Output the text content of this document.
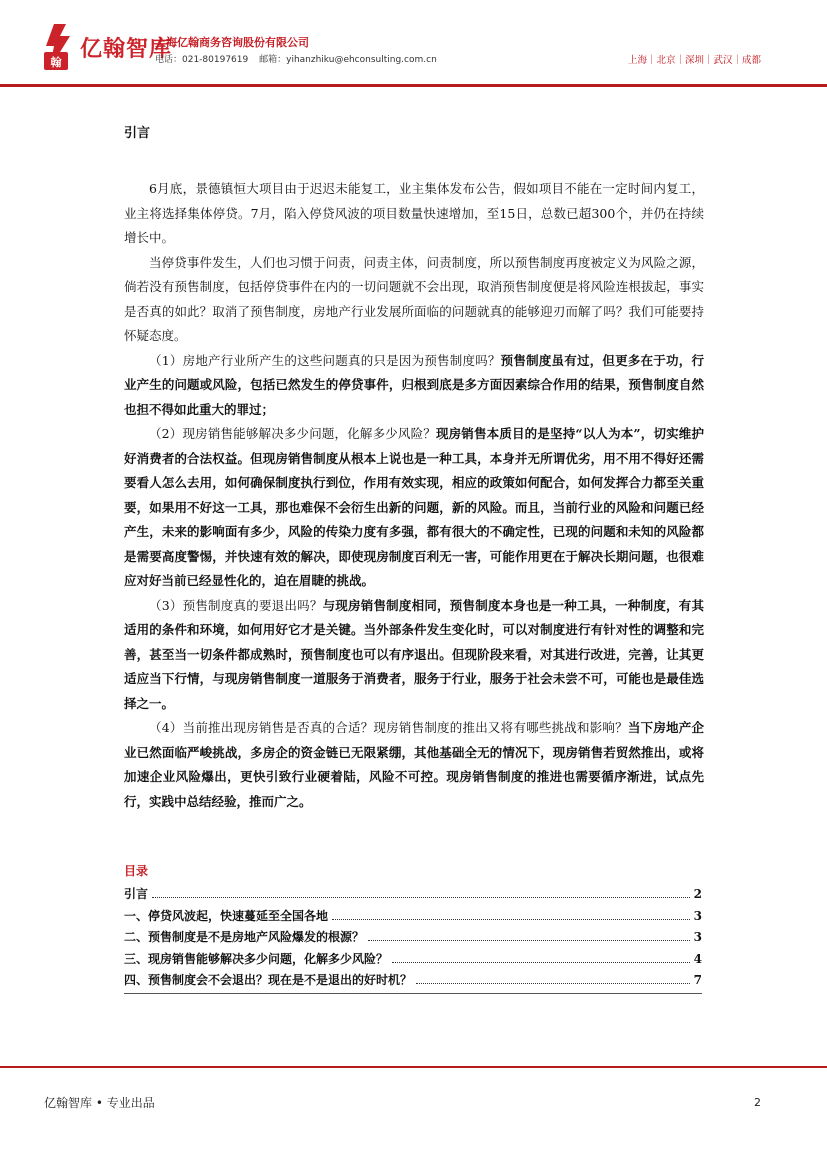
翰
亿翰智库
上海亿翰商务咨询股份有限公司
电话：021-80197619 邮箱：yihanzhiku@ehconsulting.com.cn	上海｜北京｜深圳｜武汉｜成都
引言

6月底，景德镇恒大项目由于迟迟未能复工，业主集体发布公告，假如项目不能在一定时间内复工，业主将选择集体停贷。7月，陷入停贷风波的项目数量快速增加，至15日，总数已超300个，并仍在持续增长中。

当停贷事件发生，人们也习惯于问责，问责主体，问责制度，所以预售制度再度被定义为风险之源，倘若没有预售制度，包括停贷事件在内的一切问题就不会出现，取消预售制度便是将风险连根拔起，事实是否真的如此？取消了预售制度，房地产行业发展所面临的问题就真的能够迎刃而解了吗？我们可能要持怀疑态度。

（1）房地产行业所产生的这些问题真的只是因为预售制度吗？预售制度虽有过，但更多在于功，行业产生的问题或风险，包括已然发生的停贷事件，归根到底是多方面因素综合作用的结果，预售制度自然也担不得如此重大的罪过；

（2）现房销售能够解决多少问题，化解多少风险？现房销售本质目的是坚持“以人为本”，切实维护好消费者的合法权益。但现房销售制度从根本上说也是一种工具，本身并无所谓优劣，用不用不得好还需要看人怎么去用，如何确保制度执行到位，作用有效实现，相应的政策如何配合，如何发挥合力都至关重要，如果用不好这一工具，那也难保不会衍生出新的问题，新的风险。而且，当前行业的风险和问题已经产生，未来的影响面有多少，风险的传染力度有多强，都有很大的不确定性，已现的问题和未知的风险都是需要高度警惕，并快速有效的解决，即使现房制度百利无一害，可能作用更在于解决长期问题，也很难应对好当前已经显性化的，迫在眉睫的挑战。

（3）预售制度真的要退出吗？与现房销售制度相同，预售制度本身也是一种工具，一种制度，有其适用的条件和环境，如何用好它才是关键。当外部条件发生变化时，可以对制度进行有针对性的调整和完善，甚至当一切条件都成熟时，预售制度也可以有序退出。但现阶段来看，对其进行改进，完善，让其更适应当下行情，与现房销售制度一道服务于消费者，服务于行业，服务于社会未尝不可，可能也是最佳选择之一。

（4）当前推出现房销售是否真的合适？现房销售制度的推出又将有哪些挑战和影响？当下房地产企业已然面临严峻挑战，多房企的资金链已无限紧绷，其他基础全无的情况下，现房销售若贸然推出，或将加速企业风险爆出，更快引致行业硬着陆，风险不可控。现房销售制度的推进也需要循序渐进，试点先行，实践中总结经验，推而广之。

目录
引言	2
一、停贷风波起，快速蔓延至全国各地	3
二、预售制度是不是房地产风险爆发的根源？	3
三、现房销售能够解决多少问题，化解多少风险？	4
四、预售制度会不会退出？现在是不是退出的好时机？	7
亿翰智库 • 专业出品	2
